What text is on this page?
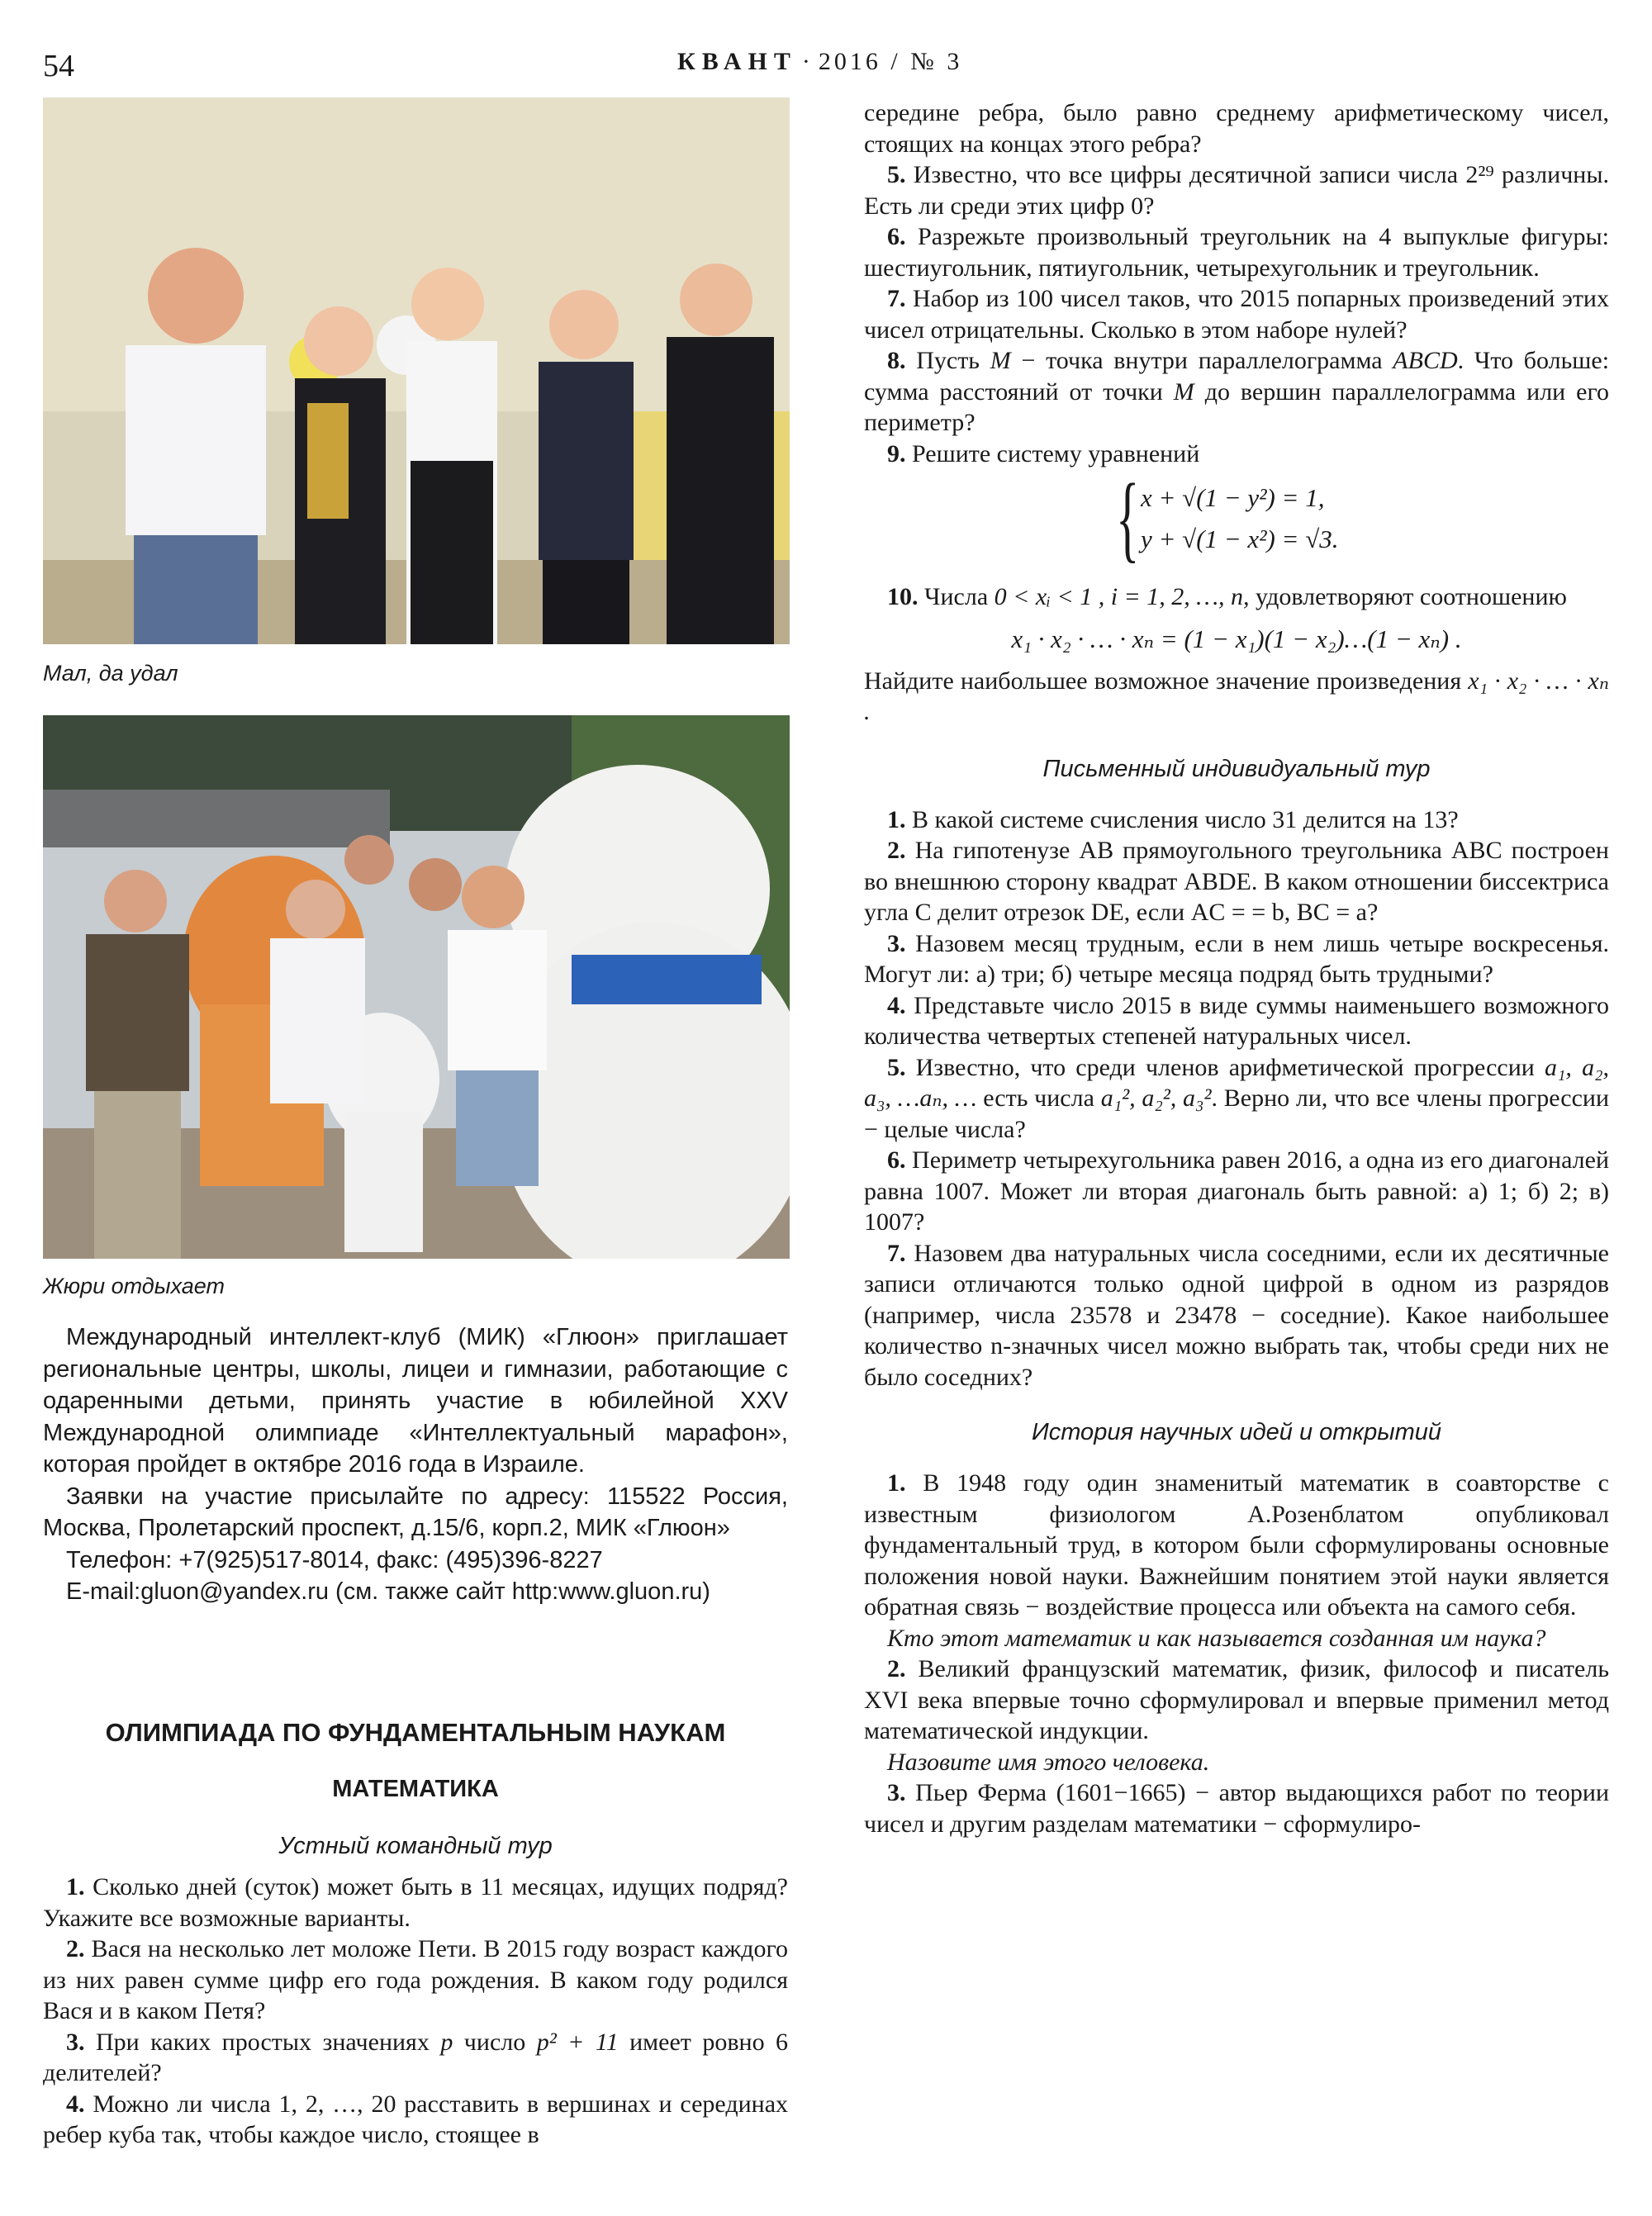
54	КВАНТ · 2016 / № 3
Мал, да удал
Жюри отдыхает

Международный интеллект-клуб (МИК) «Глюон» приглашает региональные центры, школы, лицеи и гимназии, работающие с одаренными детьми, принять участие в юбилейной XXV Международной олимпиаде «Интеллектуальный марафон», которая пройдет в октябре 2016 года в Израиле.

Заявки на участие присылайте по адресу: 115522 Россия, Москва, Пролетарский проспект, д.15/6, корп.2, МИК «Глюон»

Телефон: +7(925)517-8014, факс: (495)396-8227

E-mail:gluon@yandex.ru (см. также сайт http:www.gluon.ru)

ОЛИМПИАДА ПО ФУНДАМЕНТАЛЬНЫМ НАУКАМ
МАТЕМАТИКА
Устный командный тур

1. Сколько дней (суток) может быть в 11 месяцах, идущих подряд? Укажите все возможные варианты.

2. Вася на несколько лет моложе Пети. В 2015 году возраст каждого из них равен сумме цифр его года рождения. В каком году родился Вася и в каком Петя?

3. При каких простых значениях p число p² + 11 имеет ровно 6 делителей?

4. Можно ли числа 1, 2, …, 20 расставить в вершинах и серединах ребер куба так, чтобы каждое число, стоящее в

середине ребра, было равно среднему арифметическому чисел, стоящих на концах этого ребра?

5. Известно, что все цифры десятичной записи числа 2²⁹ различны. Есть ли среди этих цифр 0?

6. Разрежьте произвольный треугольник на 4 выпуклые фигуры: шестиугольник, пятиугольник, четырехугольник и треугольник.

7. Набор из 100 чисел таков, что 2015 попарных произведений этих чисел отрицательны. Сколько в этом наборе нулей?

8. Пусть M − точка внутри параллелограмма ABCD. Что больше: сумма расстояний от точки M до вершин параллелограмма или его периметр?

9. Решите систему уравнений

{ x + √(1 − y²) = 1,
y + √(1 − x²) = √3.

10. Числа 0 < xᵢ < 1 , i = 1, 2, …, n, удовлетворяют соотношению

x₁ · x₂ · … · xₙ = (1 − x₁)(1 − x₂)…(1 − xₙ) .

Найдите наибольшее возможное значение произведения x₁ · x₂ · … · xₙ .

Письменный индивидуальный тур

1. В какой системе счисления число 31 делится на 13?

2. На гипотенузе AB прямоугольного треугольника ABC построен во внешнюю сторону квадрат ABDE. В каком отношении биссектриса угла C делит отрезок DE, если AC = = b, BC = a?

3. Назовем месяц трудным, если в нем лишь четыре воскресенья. Могут ли: а) три; б) четыре месяца подряд быть трудными?

4. Представьте число 2015 в виде суммы наименьшего возможного количества четвертых степеней натуральных чисел.

5. Известно, что среди членов арифметической прогрессии a₁, a₂, a₃, …aₙ, … есть числа a₁², a₂², a₃². Верно ли, что все члены прогрессии − целые числа?

6. Периметр четырехугольника равен 2016, а одна из его диагоналей равна 1007. Может ли вторая диагональ быть равной: а) 1; б) 2; в) 1007?

7. Назовем два натуральных числа соседними, если их десятичные записи отличаются только одной цифрой в одном из разрядов (например, числа 23578 и 23478 − соседние). Какое наибольшее количество n-значных чисел можно выбрать так, чтобы среди них не было соседних?

История научных идей и открытий

1. В 1948 году один знаменитый математик в соавторстве с известным физиологом А.Розенблатом опубликовал фундаментальный труд, в котором были сформулированы основные положения новой науки. Важнейшим понятием этой науки является обратная связь − воздействие процесса или объекта на самого себя.

Кто этот математик и как называется созданная им наука?

2. Великий французский математик, физик, философ и писатель XVI века впервые точно сформулировал и впервые применил метод математической индукции.

Назовите имя этого человека.

3. Пьер Ферма (1601−1665) − автор выдающихся работ по теории чисел и другим разделам математики − сформулиро-
